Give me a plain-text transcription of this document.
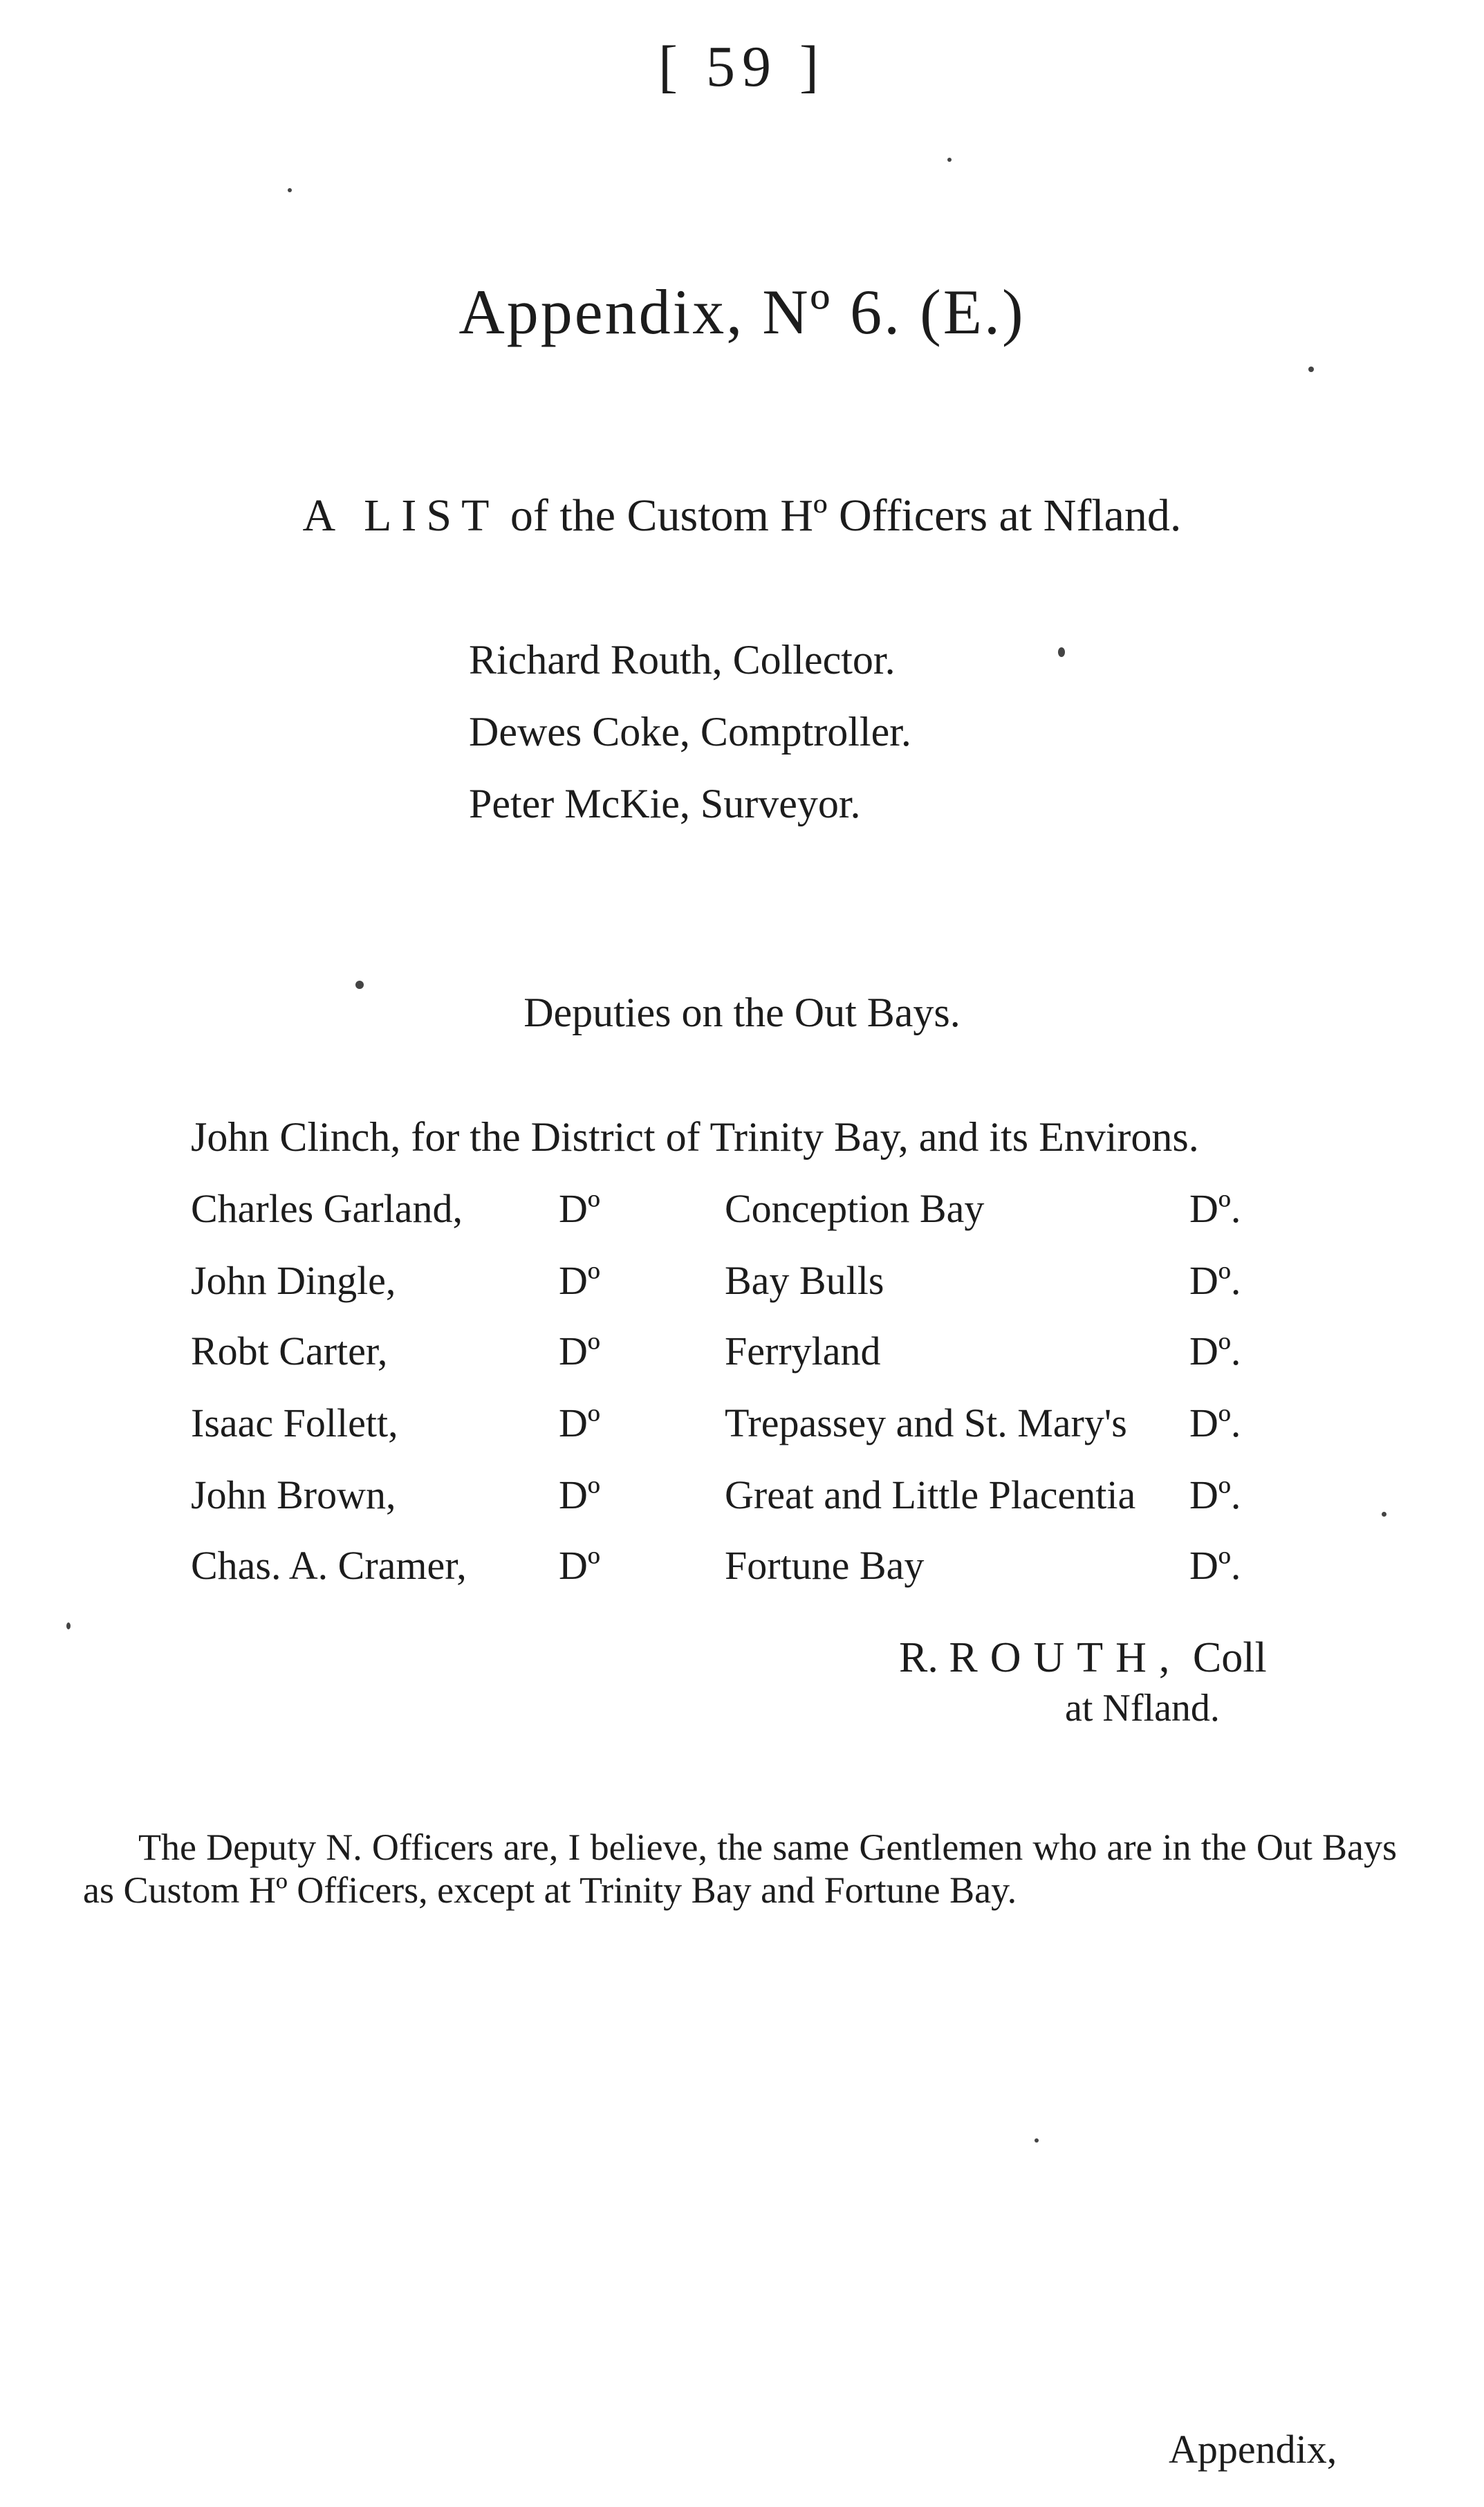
[ 59 ]
Appendix, Nº 6. (E.)
A LIST of the Custom Hº Officers at Nfland.
Richard Routh, Collector.
Dewes Coke, Comptroller.
Peter McKie, Surveyor.
Deputies on the Out Bays.
John Clinch, for the District of Trinity Bay, and its Environs.
Charles Garland, Dº	Conception Bay	Dº.
John Dingle,	Dº	Bay Bulls	Dº.
Robt Carter,	Dº	Ferryland	Dº.
Isaac Follett,	Dº	Trepassey and St. Mary's Dº.
John Brown,	Dº	Great and Little Placentia Dº.
Chas. A. Cramer, Dº	Fortune Bay	Dº.
R. ROUTH, Coll
at Nfland.
The Deputy N. Officers are, I believe, the same Gentlemen who are in the Out Bays as Custom Hº Officers, except at Trinity Bay and Fortune Bay.
Appendix,
